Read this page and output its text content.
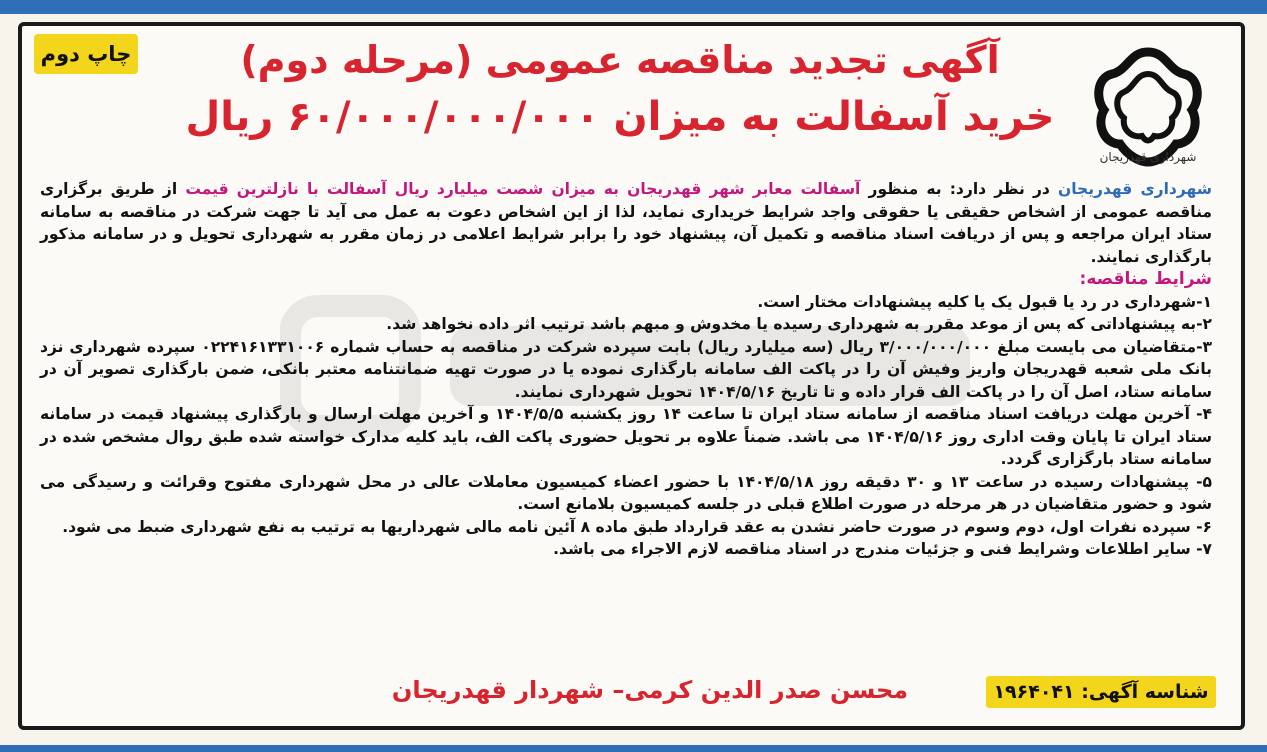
چاپ دوم
شهرداری قهدریجان
آگهی تجدید مناقصه عمومی (مرحله دوم)
خرید آسفالت به میزان ۶۰/۰۰۰/۰۰۰/۰۰۰ ریال

شهرداری قهدریجان در نظر دارد: به منظور آسفالت معابر شهر قهدریجان به میزان شصت میلیارد ریال آسفالت با نازلترین قیمت از طریق برگزاری مناقصه عمومی از اشخاص حقیقی یا حقوقی واجد شرایط خریداری نماید، لذا از این اشخاص دعوت به عمل می آید تا جهت شرکت در مناقصه به سامانه ستاد ایران مراجعه و پس از دریافت اسناد مناقصه و تکمیل آن، پیشنهاد خود را برابر شرایط اعلامی در زمان مقرر به شهرداری تحویل و در سامانه مذکور بارگذاری نمایند.

شرایط مناقصه:

۱-شهرداری در رد یا قبول یک یا کلیه پیشنهادات مختار است.

۲-به پیشنهاداتی که پس از موعد مقرر به شهرداری رسیده یا مخدوش و مبهم باشد ترتیب اثر داده نخواهد شد.

۳-متقاضیان می بایست مبلغ ۳/۰۰۰/۰۰۰/۰۰۰ ریال (سه میلیارد ریال) بابت سپرده شرکت در مناقصه به حساب شماره ۰۲۲۴۱۶۱۳۳۱۰۰۶ سپرده شهرداری نزد بانک ملی شعبه قهدریجان واریز وفیش آن را در پاکت الف سامانه بارگذاری نموده یا در صورت تهیه ضمانتنامه معتبر بانکی، ضمن بارگذاری تصویر آن در سامانه ستاد، اصل آن را در پاکت الف قرار داده و تا تاریخ ۱۴۰۴/۵/۱۶ تحویل شهرداری نمایند.

۴- آخرین مهلت دریافت اسناد مناقصه از سامانه ستاد ایران تا ساعت ۱۴ روز یکشنبه ۱۴۰۴/۵/۵ و آخرین مهلت ارسال و بارگذاری پیشنهاد قیمت در سامانه ستاد ایران تا پایان وقت اداری روز ۱۴۰۴/۵/۱۶ می باشد. ضمناً علاوه بر تحویل حضوری پاکت الف، باید کلیه مدارک خواسته شده طبق روال مشخص شده در سامانه ستاد بارگزاری گردد.

۵- پیشنهادات رسیده در ساعت ۱۳ و ۳۰ دقیقه روز ۱۴۰۴/۵/۱۸ با حضور اعضاء کمیسیون معاملات عالی در محل شهرداری مفتوح وقرائت و رسیدگی می شود و حضور متقاضیان در هر مرحله در صورت اطلاع قبلی در جلسه کمیسیون بلامانع است.

۶- سپرده نفرات اول، دوم وسوم در صورت حاضر نشدن به عقد قرارداد طبق ماده ۸ آئین نامه مالی شهرداریها به ترتیب به نفع شهرداری ضبط می شود.

۷- سایر اطلاعات وشرایط فنی و جزئیات مندرج در اسناد مناقصه لازم الاجراء می باشد.

محسن صدر الدین کرمی– شهردار قهدریجان	شناسه آگهی: ۱۹۶۴۰۴۱
